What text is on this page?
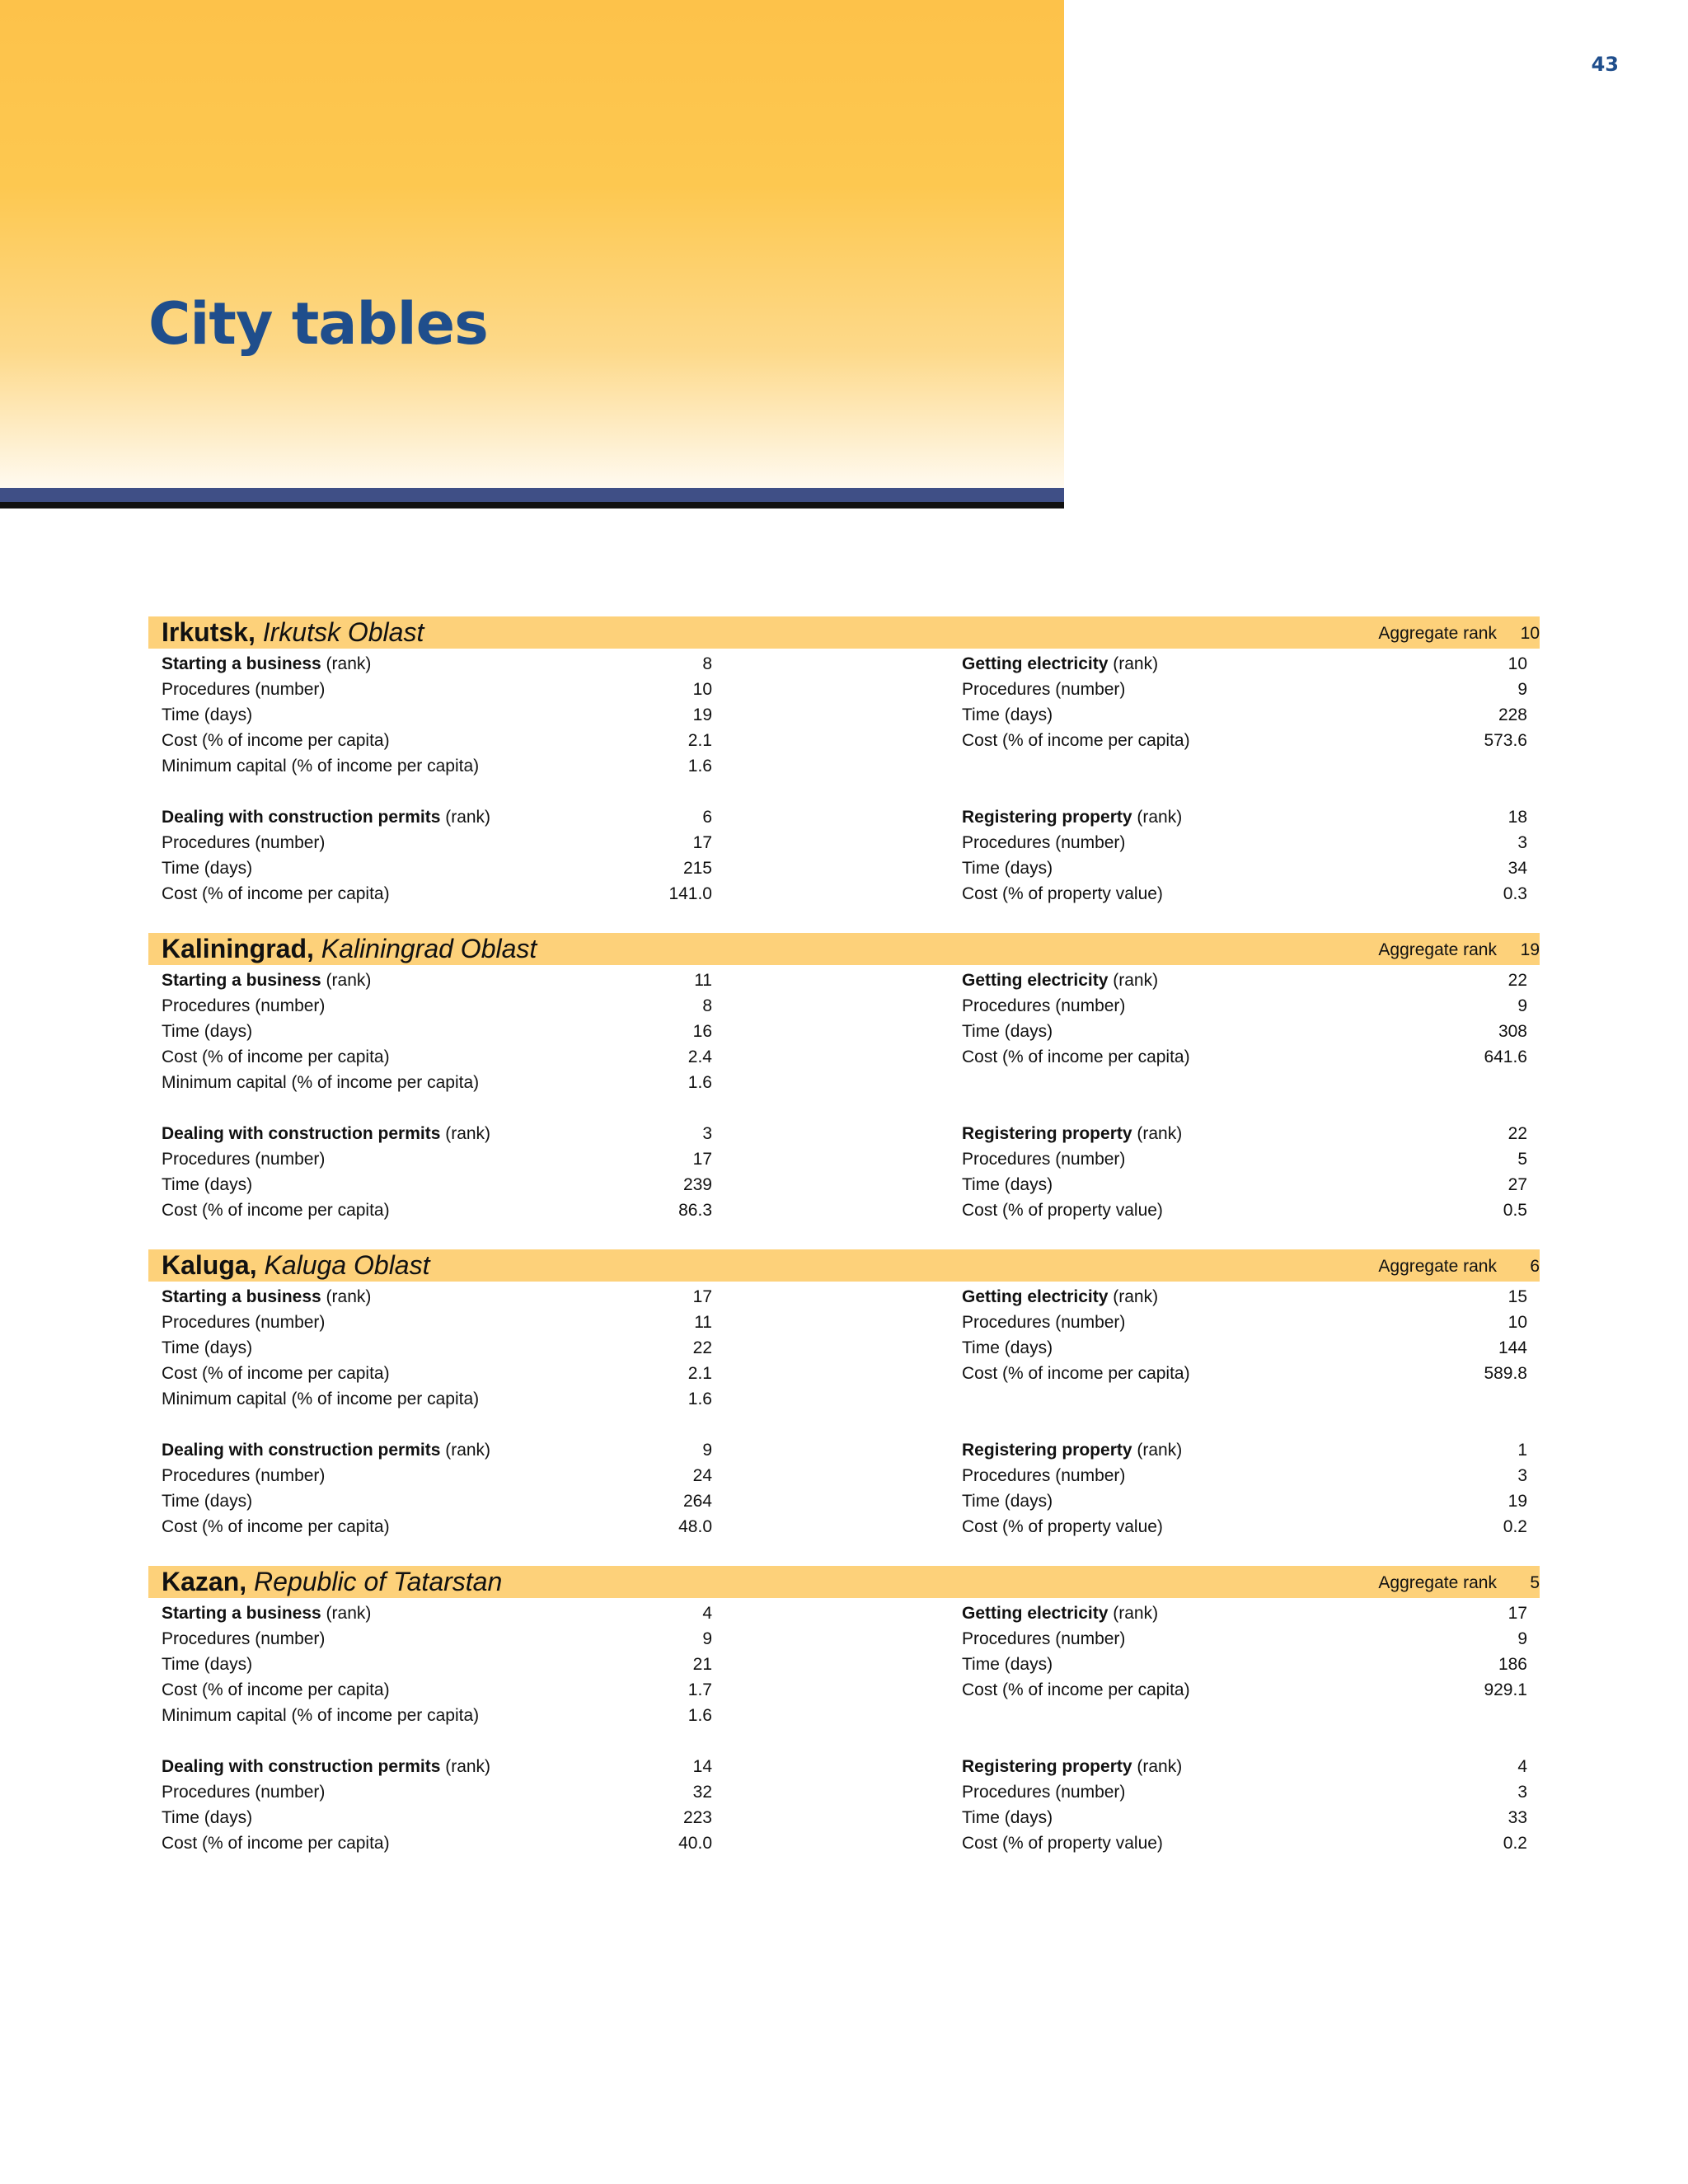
43
City tables
Irkutsk, Irkutsk Oblast	Aggregate rank	10
Starting a business (rank)	8
Procedures (number)	10
Time (days)	19
Cost (% of income per capita)	2.1
Minimum capital (% of income per capita)	1.6
Dealing with construction permits (rank)	6
Procedures (number)	17
Time (days)	215
Cost (% of income per capita)	141.0
Getting electricity (rank)	10
Procedures (number)	9
Time (days)	228
Cost (% of income per capita)	573.6
Registering property (rank)	18
Procedures (number)	3
Time (days)	34
Cost (% of property value)	0.3
Kaliningrad, Kaliningrad Oblast	Aggregate rank	19
Starting a business (rank)	11
Procedures (number)	8
Time (days)	16
Cost (% of income per capita)	2.4
Minimum capital (% of income per capita)	1.6
Dealing with construction permits (rank)	3
Procedures (number)	17
Time (days)	239
Cost (% of income per capita)	86.3
Getting electricity (rank)	22
Procedures (number)	9
Time (days)	308
Cost (% of income per capita)	641.6
Registering property (rank)	22
Procedures (number)	5
Time (days)	27
Cost (% of property value)	0.5
Kaluga, Kaluga Oblast	Aggregate rank	6
Starting a business (rank)	17
Procedures (number)	11
Time (days)	22
Cost (% of income per capita)	2.1
Minimum capital (% of income per capita)	1.6
Dealing with construction permits (rank)	9
Procedures (number)	24
Time (days)	264
Cost (% of income per capita)	48.0
Getting electricity (rank)	15
Procedures (number)	10
Time (days)	144
Cost (% of income per capita)	589.8
Registering property (rank)	1
Procedures (number)	3
Time (days)	19
Cost (% of property value)	0.2
Kazan, Republic of Tatarstan	Aggregate rank	5
Starting a business (rank)	4
Procedures (number)	9
Time (days)	21
Cost (% of income per capita)	1.7
Minimum capital (% of income per capita)	1.6
Dealing with construction permits (rank)	14
Procedures (number)	32
Time (days)	223
Cost (% of income per capita)	40.0
Getting electricity (rank)	17
Procedures (number)	9
Time (days)	186
Cost (% of income per capita)	929.1
Registering property (rank)	4
Procedures (number)	3
Time (days)	33
Cost (% of property value)	0.2
